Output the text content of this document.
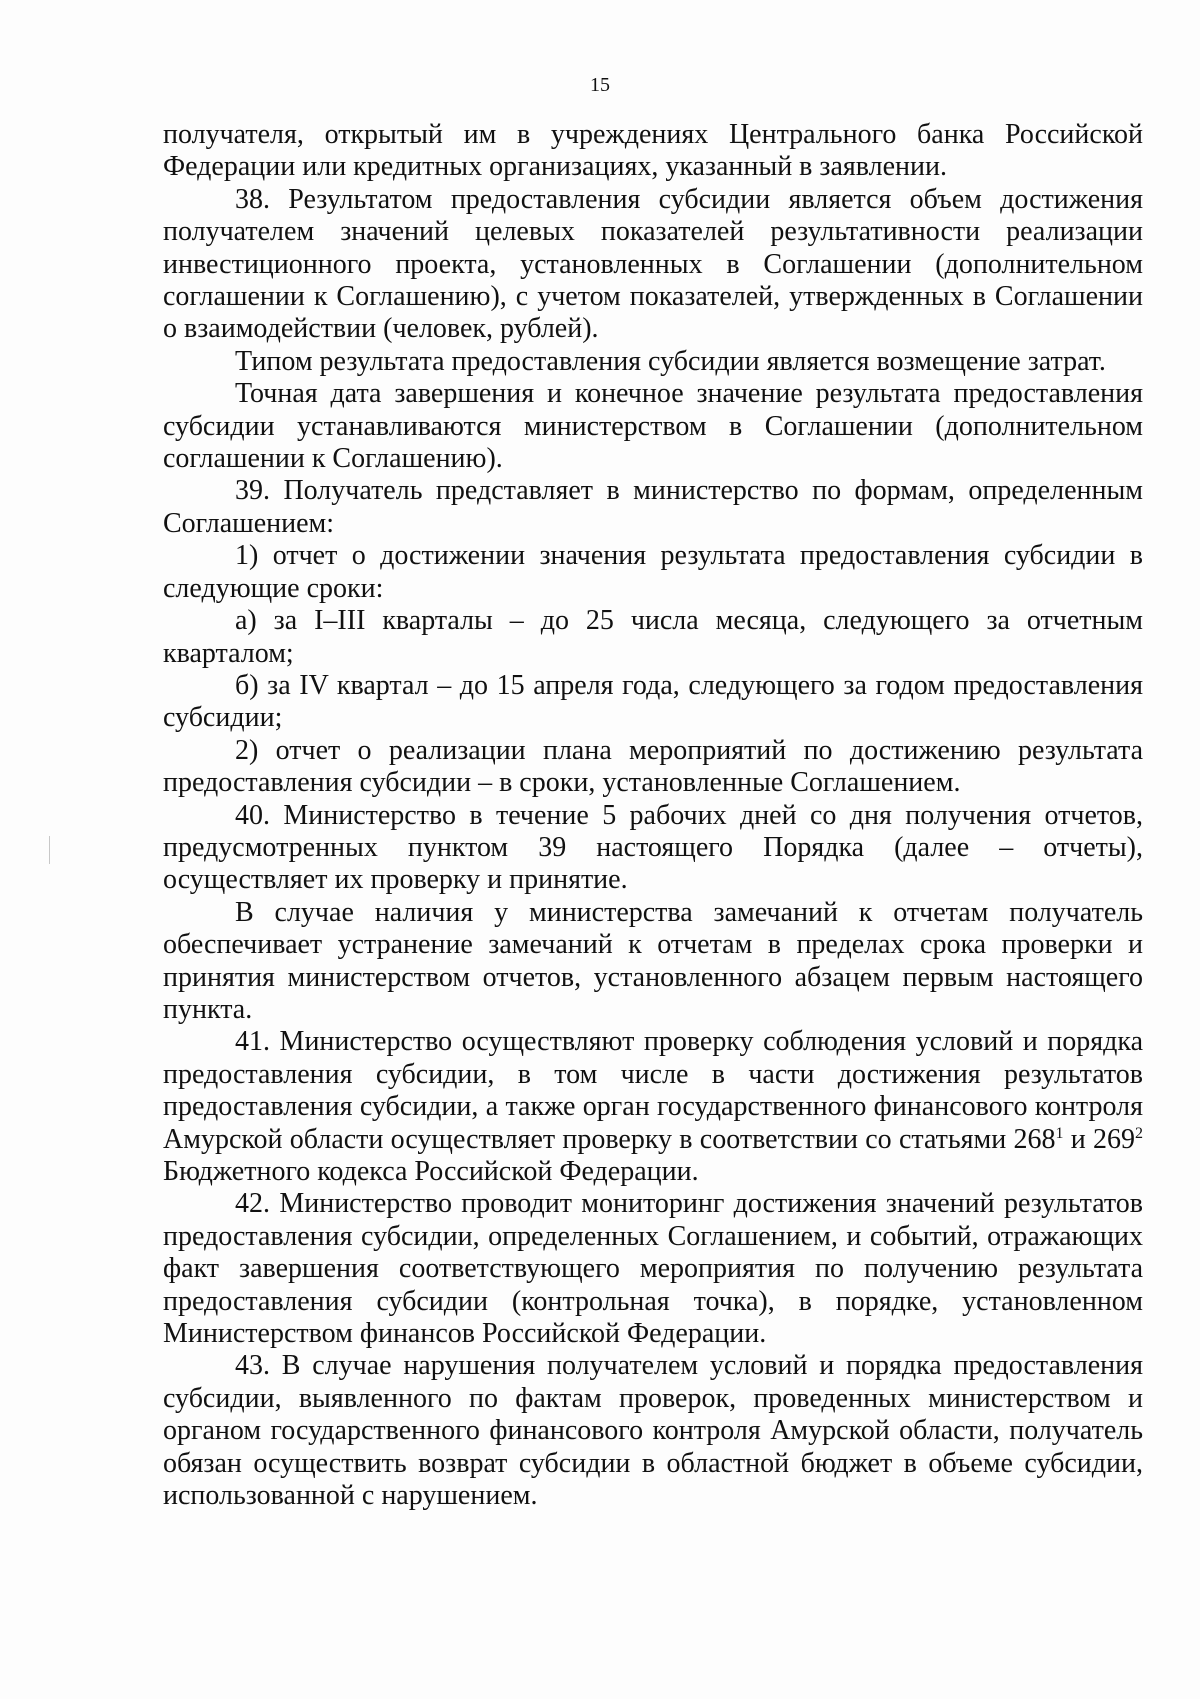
15

получателя, открытый им в учреждениях Центрального банка Российской Федерации или кредитных организациях, указанный в заявлении.

38. Результатом предоставления субсидии является объем достижения получателем значений целевых показателей результативности реализации инвестиционного проекта, установленных в Соглашении (дополнительном соглашении к Соглашению), с учетом показателей, утвержденных в Соглашении о взаимодействии (человек, рублей).

Типом результата предоставления субсидии является возмещение затрат.

Точная дата завершения и конечное значение результата предоставления субсидии устанавливаются министерством в Соглашении (дополнительном соглашении к Соглашению).

39. Получатель представляет в министерство по формам, определенным Соглашением:

1) отчет о достижении значения результата предоставления субсидии в следующие сроки:

а) за I–III кварталы – до 25 числа месяца, следующего за отчетным кварталом;

б) за IV квартал – до 15 апреля года, следующего за годом предоставления субсидии;

2) отчет о реализации плана мероприятий по достижению результата предоставления субсидии – в сроки, установленные Соглашением.

40. Министерство в течение 5 рабочих дней со дня получения отчетов, предусмотренных пунктом 39 настоящего Порядка (далее – отчеты), осуществляет их проверку и принятие.

В случае наличия у министерства замечаний к отчетам получатель обеспечивает устранение замечаний к отчетам в пределах срока проверки и принятия министерством отчетов, установленного абзацем первым настоящего пункта.

41. Министерство осуществляют проверку соблюдения условий и порядка предоставления субсидии, в том числе в части достижения результатов предоставления субсидии, а также орган государственного финансового контроля Амурской области осуществляет проверку в соответствии со статьями $268^1$ и $269^2$ Бюджетного кодекса Российской Федерации.

42. Министерство проводит мониторинг достижения значений результатов предоставления субсидии, определенных Соглашением, и событий, отражающих факт завершения соответствующего мероприятия по получению результата предоставления субсидии (контрольная точка), в порядке, установленном Министерством финансов Российской Федерации.

43. В случае нарушения получателем условий и порядка предоставления субсидии, выявленного по фактам проверок, проведенных министерством и органом государственного финансового контроля Амурской области, получатель обязан осуществить возврат субсидии в областной бюджет в объеме субсидии, использованной с нарушением.
